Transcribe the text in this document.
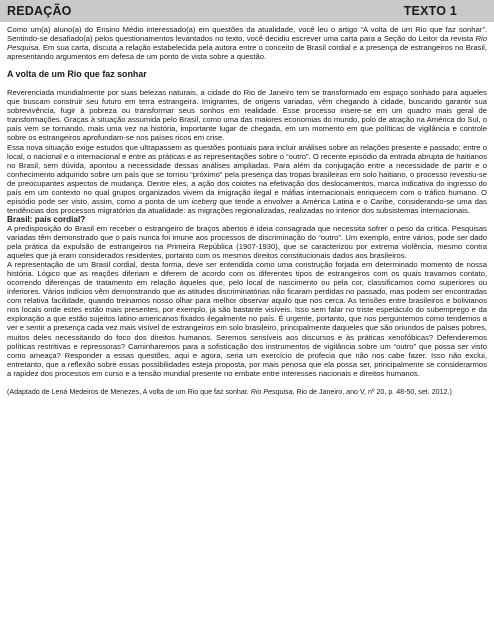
REDAÇÃO	TEXTO 1

Como um(a) aluno(a) do Ensino Médio interessado(a) em questões da atualidade, você leu o artigo “A volta de um Rio que faz sonhar”. Sentindo-se desafiado(a) pelos questionamentos levantados no texto, você decidiu escrever uma carta para a Seção do Leitor da revista Rio Pesquisa. Em sua carta, discuta a relação estabelecida pela autora entre o conceito de Brasil cordial e a presença de estrangeiros no Brasil, apresentando argumentos em defesa de um ponto de vista sobre a questão.

A volta de um Rio que faz sonhar

Reverenciada mundialmente por suas belezas naturais, a cidade do Rio de Janeiro tem se transformado em espaço sonhado para aqueles que buscam construir seu futuro em terra estrangeira. Imigrantes, de origens variadas, vêm chegando à cidade, buscando garantir sua sobrevivência, fugir à pobreza ou transformar seus sonhos em realidade. Esse processo insere-se em um quadro mais geral de transformações. Graças à situação assumida pelo Brasil, como uma das maiores economias do mundo, polo de atração na América do Sul, o país vem se tornando, mais uma vez na história, importante lugar de chegada, em um momento em que políticas de vigilância e controle sobre os estrangeiros aprofundam-se nos países ricos em crise.

Essa nova situação exige estudos que ultrapassem as questões pontuais para incluir análises sobre as relações presente e passado; entre o local, o nacional e o internacional e entre as práticas e as representações sobre o “outro”. O recente episódio da entrada abrupta de haitianos no Brasil, sem dúvida, apontou a necessidade dessas análises ampliadas. Para além da conjugação entre a necessidade de partir e o conhecimento adquirido sobre um país que se tornou “próximo” pela presença das tropas brasileiras em solo haitiano, o processo revestiu-se de preocupantes aspectos de mudança. Dentre eles, a ação dos coiotes na efetivação dos deslocamentos, marca indicativa do ingresso do país em um contexto no qual grupos organizados vivem da imigração ilegal e máfias internacionais enriquecem com o tráfico humano. O episódio pode ser visto, assim, como a ponta de um iceberg que tende a envolver a América Latina e o Caribe, considerando-se uma das tendências dos processos migratórios da atualidade: as migrações regionalizadas, realizadas no interior dos subsistemas internacionais.

Brasil: país cordial?

A predisposição do Brasil em receber o estrangeiro de braços abertos é ideia consagrada que necessita sofrer o peso da crítica. Pesquisas variadas têm demonstrado que o país nunca foi imune aos processos de discriminação do “outro”. Um exemplo, entre vários, pode ser dado pela prática da expulsão de estrangeiros na Primeira República (1907-1930), que se caracterizou por extrema violência, mesmo contra aqueles que já eram considerados residentes, portanto com os mesmos direitos constitucionais dados aos brasileiros.

A representação de um Brasil cordial, desta forma, deve ser entendida como uma construção forjada em determinado momento de nossa história. Lógico que as reações diferiam e diferem de acordo com os diferentes tipos de estrangeiros com os quais travamos contato, ocorrendo diferenças de tratamento em relação àqueles que, pelo local de nascimento ou pela cor, classificamos como superiores ou inferiores. Vários indícios vêm demonstrando que as atitudes discriminatórias não ficaram perdidas no passado, mas podem ser encontradas com relativa facilidade, quando treinamos nosso olhar para melhor observar aquilo que nos cerca. As tensões entre brasileiros e bolivianos nos locais onde estes estão mais presentes, por exemplo, já são bastante visíveis. Isso sem falar no triste espetáculo do subemprego e da exploração a que estão sujeitos latino-americanos fixados ilegalmente no país. É urgente, portanto, que nos perguntemos como tendemos a ver e sentir a presença cada vez mais visível de estrangeiros em solo brasileiro, principalmente daqueles que são oriundos de países pobres, muitos deles necessitando do foco dos direitos humanos. Seremos sensíveis aos discursos e às práticas xenofóbicas? Defenderemos políticas restritivas e repressoras? Caminharemos para a sofisticação dos instrumentos de vigilância sobre um “outro” que possa ser visto como ameaça? Responder a essas questões, aqui e agora, seria um exercício de profecia que não nos cabe fazer. Isso não exclui, entretanto, que a reflexão sobre essas possibilidades esteja proposta, por mais penosa que ela possa ser, principalmente se considerarmos a rapidez dos processos em curso e a tensão mundial presente no embate entre interesses nacionais e direitos humanos.

(Adaptado de Lená Medeiros de Menezes, A volta de um Rio que faz sonhar. Rio Pesquisa, Rio de Janeiro, ano V, nº 20, p. 48-50, set. 2012.)
